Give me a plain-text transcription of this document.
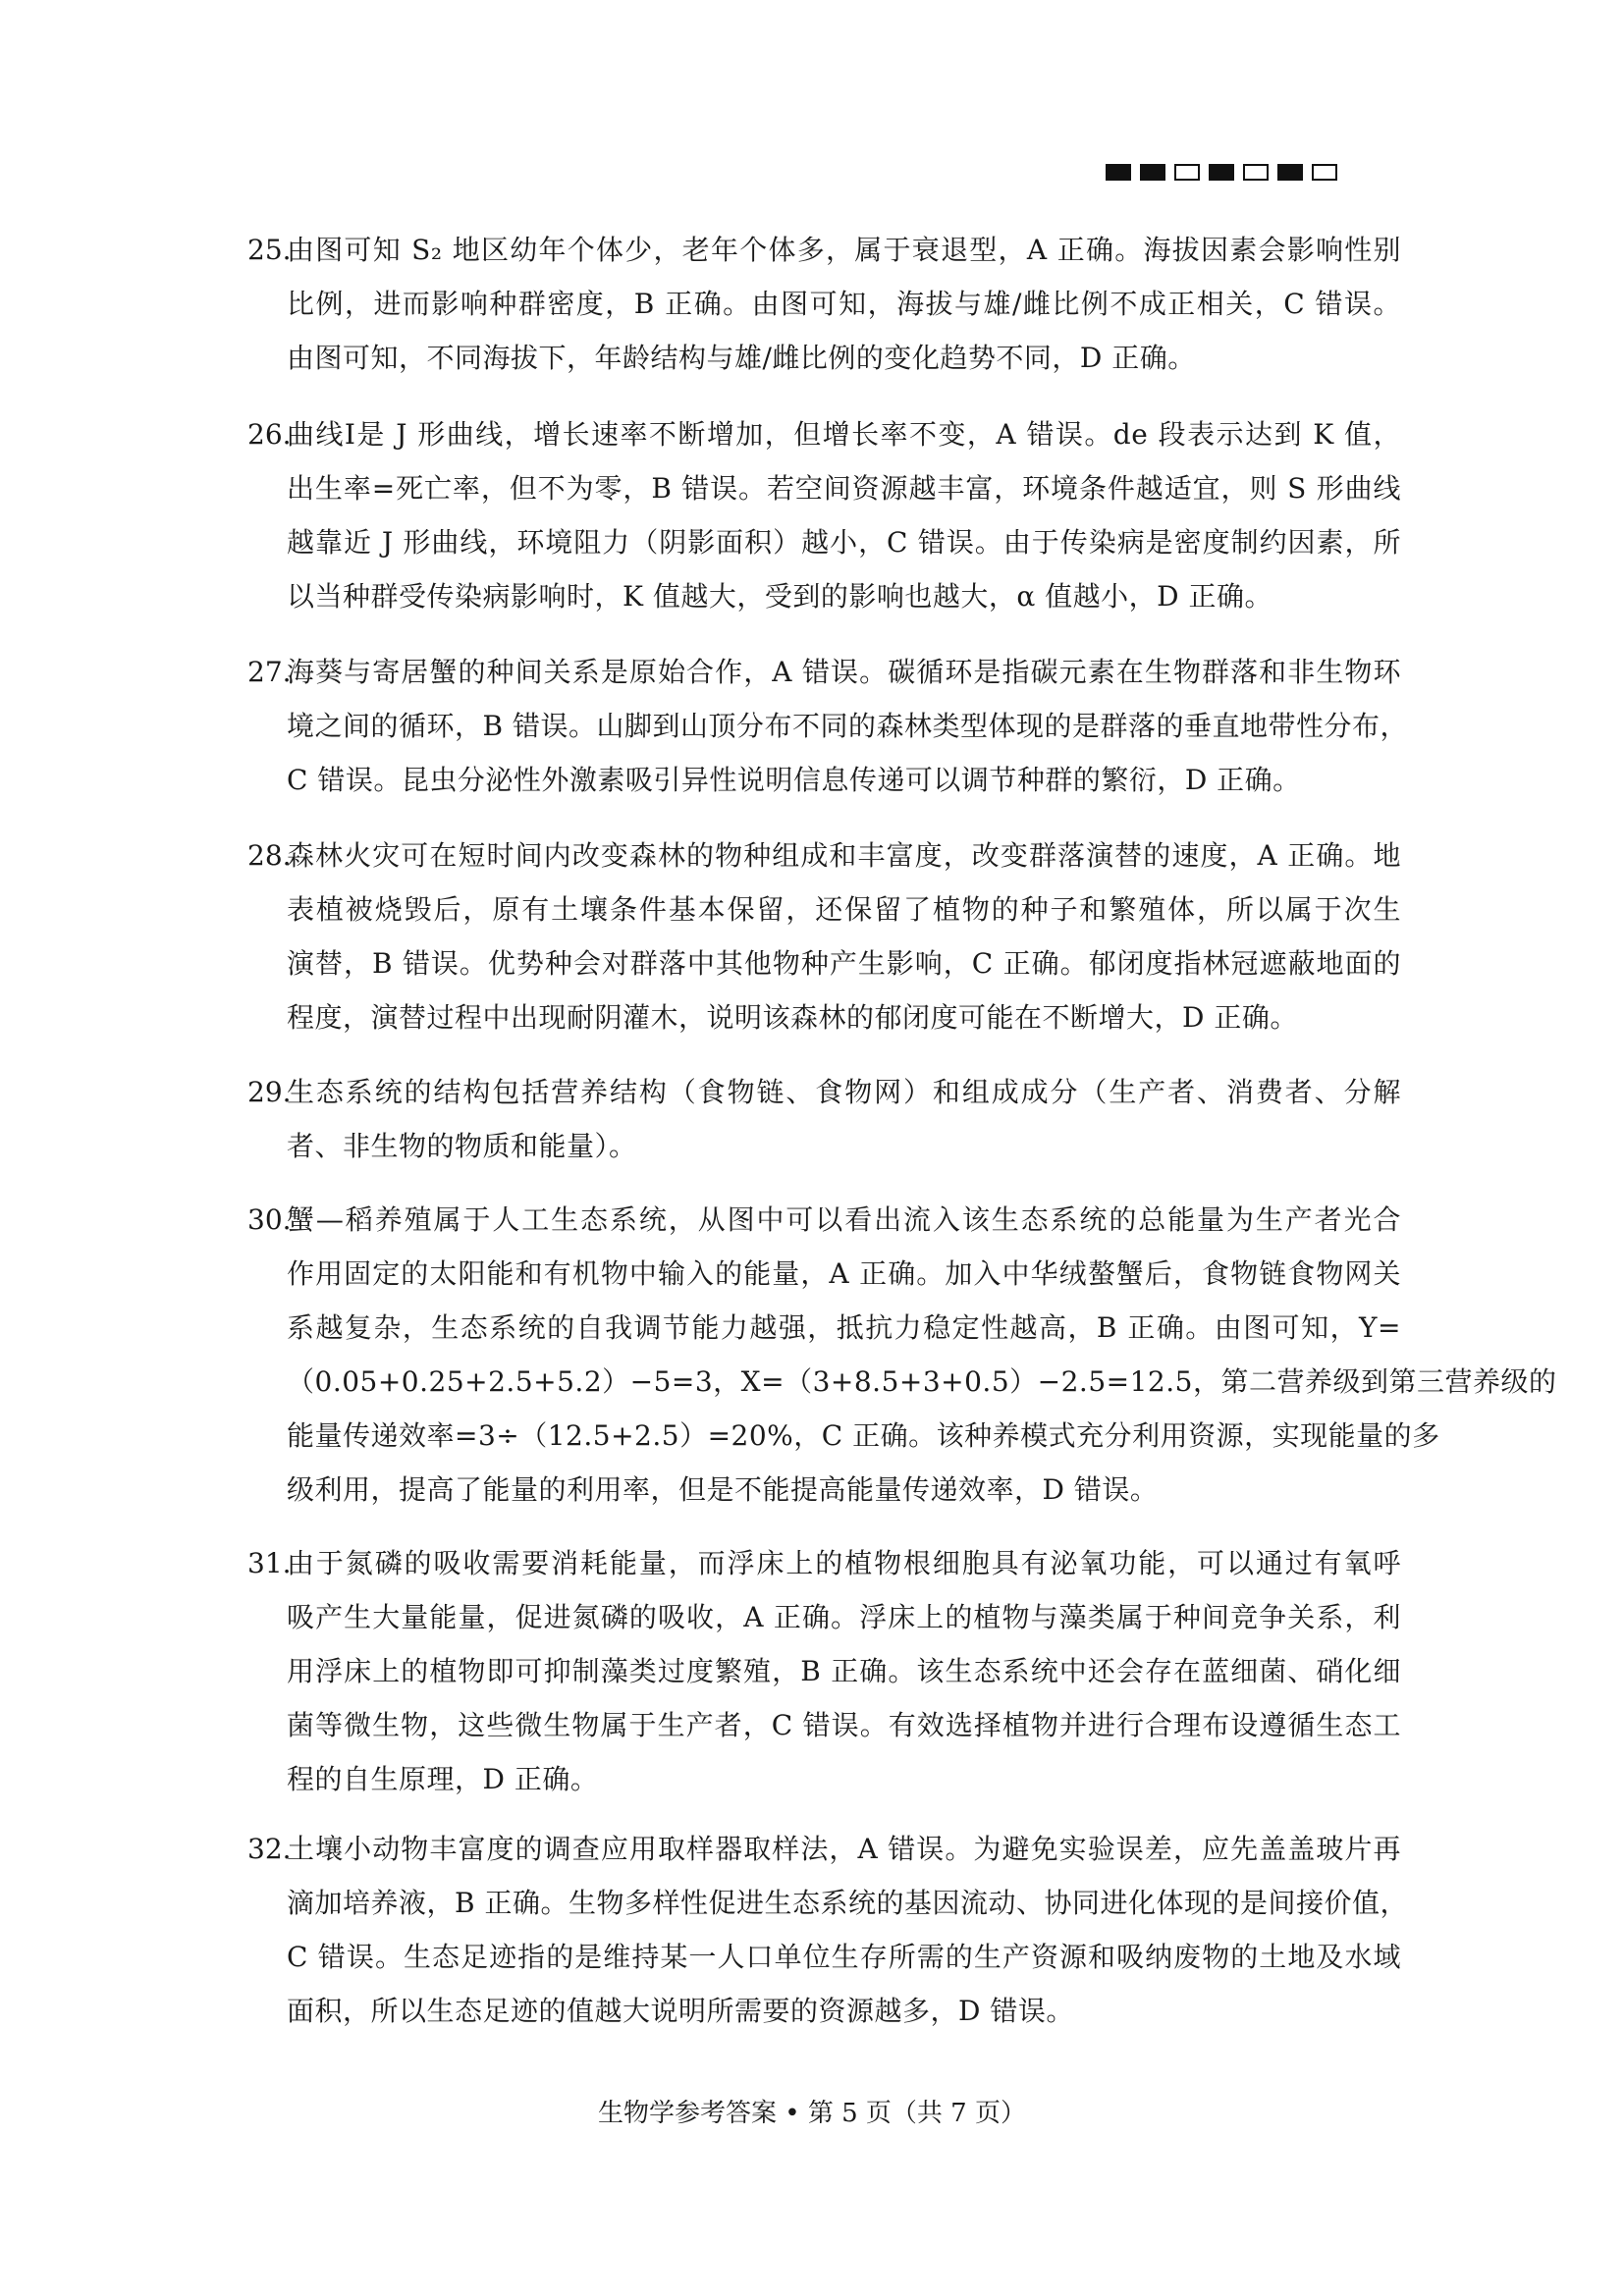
25.
由图可知 S₂ 地区幼年个体少，老年个体多，属于衰退型，A 正确。海拔因素会影响性别
比例，进而影响种群密度，B 正确。由图可知，海拔与雄/雌比例不成正相关，C 错误。
由图可知，不同海拔下，年龄结构与雄/雌比例的变化趋势不同，D 正确。
26.
曲线Ⅰ是 J 形曲线，增长速率不断增加，但增长率不变，A 错误。de 段表示达到 K 值，
出生率=死亡率，但不为零，B 错误。若空间资源越丰富，环境条件越适宜，则 S 形曲线
越靠近 J 形曲线，环境阻力（阴影面积）越小，C 错误。由于传染病是密度制约因素，所
以当种群受传染病影响时，K 值越大，受到的影响也越大，α 值越小，D 正确。
27.
海葵与寄居蟹的种间关系是原始合作，A 错误。碳循环是指碳元素在生物群落和非生物环
境之间的循环，B 错误。山脚到山顶分布不同的森林类型体现的是群落的垂直地带性分布，
C 错误。昆虫分泌性外激素吸引异性说明信息传递可以调节种群的繁衍，D 正确。
28.
森林火灾可在短时间内改变森林的物种组成和丰富度，改变群落演替的速度，A 正确。地
表植被烧毁后，原有土壤条件基本保留，还保留了植物的种子和繁殖体，所以属于次生
演替，B 错误。优势种会对群落中其他物种产生影响，C 正确。郁闭度指林冠遮蔽地面的
程度，演替过程中出现耐阴灌木，说明该森林的郁闭度可能在不断增大，D 正确。
29.
生态系统的结构包括营养结构（食物链、食物网）和组成成分（生产者、消费者、分解
者、非生物的物质和能量）。
30.
蟹—稻养殖属于人工生态系统，从图中可以看出流入该生态系统的总能量为生产者光合
作用固定的太阳能和有机物中输入的能量，A 正确。加入中华绒螯蟹后，食物链食物网关
系越复杂，生态系统的自我调节能力越强，抵抗力稳定性越高，B 正确。由图可知，Y=
（0.05+0.25+2.5+5.2）−5=3，X=（3+8.5+3+0.5）−2.5=12.5，第二营养级到第三营养级的
能量传递效率=3÷（12.5+2.5）=20%，C 正确。该种养模式充分利用资源，实现能量的多
级利用，提高了能量的利用率，但是不能提高能量传递效率，D 错误。
31.
由于氮磷的吸收需要消耗能量，而浮床上的植物根细胞具有泌氧功能，可以通过有氧呼
吸产生大量能量，促进氮磷的吸收，A 正确。浮床上的植物与藻类属于种间竞争关系，利
用浮床上的植物即可抑制藻类过度繁殖，B 正确。该生态系统中还会存在蓝细菌、硝化细
菌等微生物，这些微生物属于生产者，C 错误。有效选择植物并进行合理布设遵循生态工
程的自生原理，D 正确。
32.
土壤小动物丰富度的调查应用取样器取样法，A 错误。为避免实验误差，应先盖盖玻片再
滴加培养液，B 正确。生物多样性促进生态系统的基因流动、协同进化体现的是间接价值，
C 错误。生态足迹指的是维持某一人口单位生存所需的生产资源和吸纳废物的土地及水域
面积，所以生态足迹的值越大说明所需要的资源越多，D 错误。
生物学参考答案 • 第 5 页（共 7 页）
